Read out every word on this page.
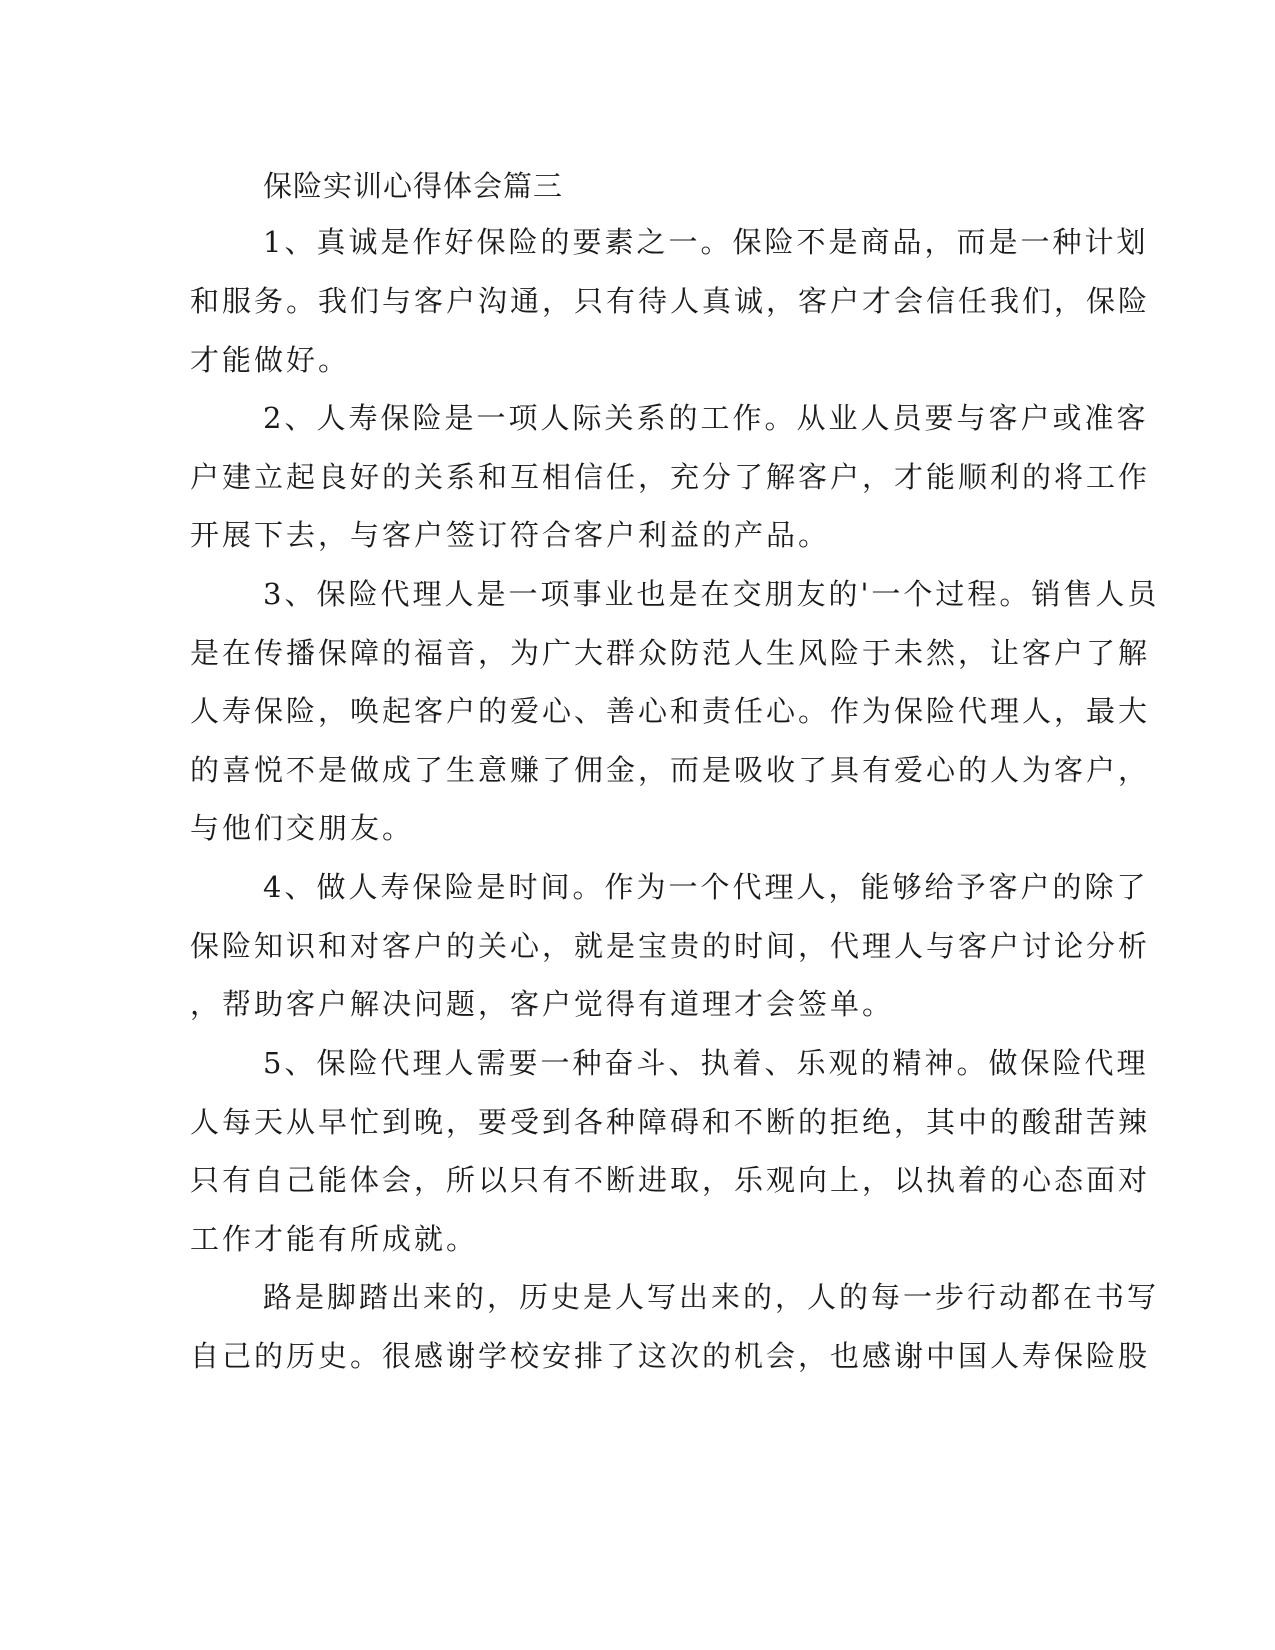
保险实训心得体会篇三
1、真诚是作好保险的要素之一。保险不是商品，而是一种计划
和服务。我们与客户沟通，只有待人真诚，客户才会信任我们，保险
才能做好。
2、人寿保险是一项人际关系的工作。从业人员要与客户或准客
户建立起良好的关系和互相信任，充分了解客户，才能顺利的将工作
开展下去，与客户签订符合客户利益的产品。
3、保险代理人是一项事业也是在交朋友的'一个过程。销售人员
是在传播保障的福音，为广大群众防范人生风险于未然，让客户了解
人寿保险，唤起客户的爱心、善心和责任心。作为保险代理人，最大
的喜悦不是做成了生意赚了佣金，而是吸收了具有爱心的人为客户，
与他们交朋友。
4、做人寿保险是时间。作为一个代理人，能够给予客户的除了
保险知识和对客户的关心，就是宝贵的时间，代理人与客户讨论分析
，帮助客户解决问题，客户觉得有道理才会签单。
5、保险代理人需要一种奋斗、执着、乐观的精神。做保险代理
人每天从早忙到晚，要受到各种障碍和不断的拒绝，其中的酸甜苦辣
只有自己能体会，所以只有不断进取，乐观向上，以执着的心态面对
工作才能有所成就。
路是脚踏出来的，历史是人写出来的，人的每一步行动都在书写
自己的历史。很感谢学校安排了这次的机会，也感谢中国人寿保险股
